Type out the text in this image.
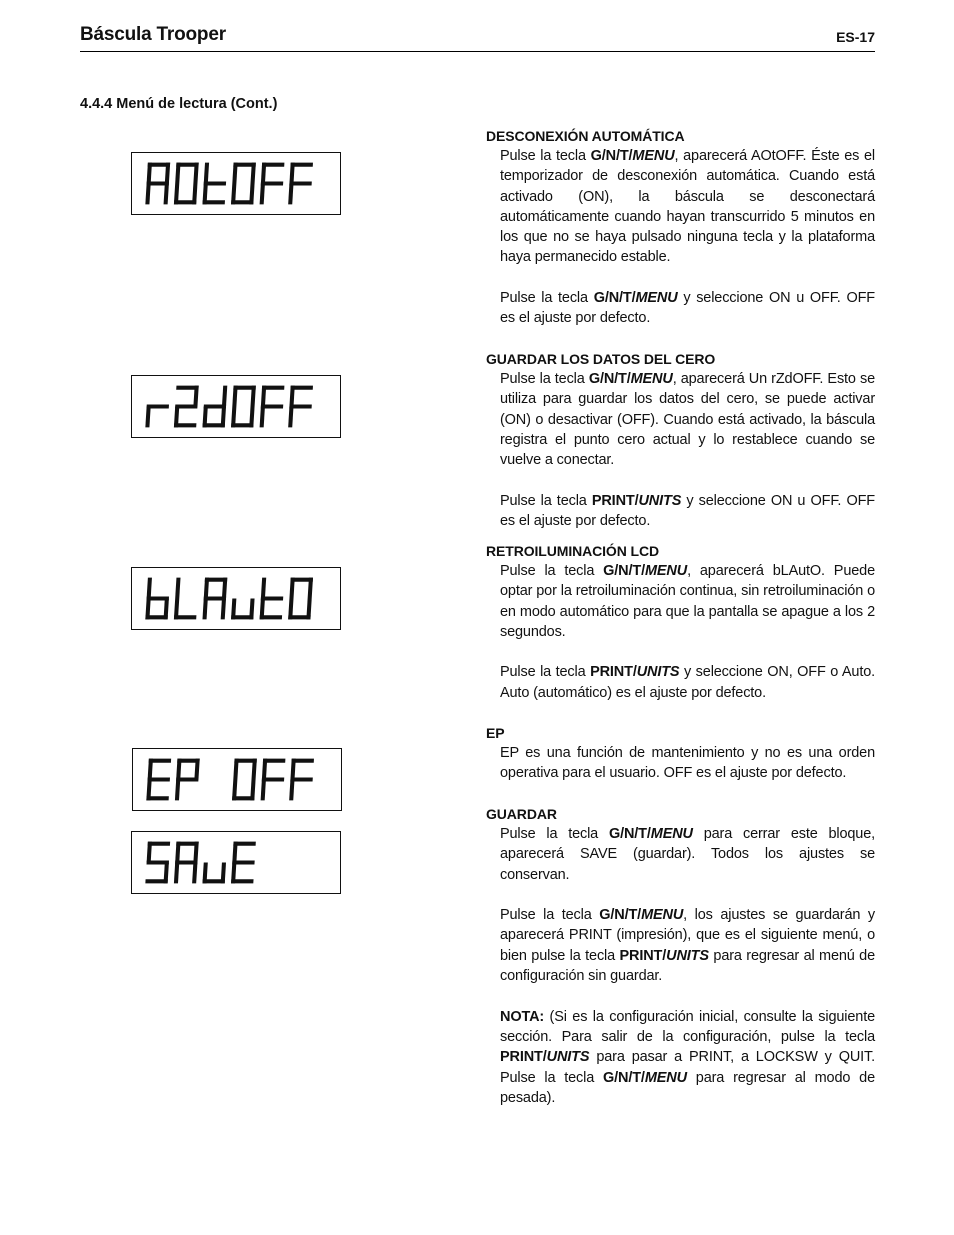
Báscula Trooper	ES-17
4.4.4 Menú de lectura (Cont.)
DESCONEXIÓN AUTOMÁTICA

Pulse la tecla G/N/T/MENU, aparecerá AOtOFF. Éste es el temporizador de desconexión automática. Cuando está activado (ON), la báscula se desconectará automáticamente cuando hayan transcurrido 5 minutos en los que no se haya pulsado ninguna tecla y la plataforma haya permanecido estable.

Pulse la tecla G/N/T/MENU y seleccione ON u OFF. OFF es el ajuste por defecto.

GUARDAR LOS DATOS DEL CERO

Pulse la tecla G/N/T/MENU, aparecerá Un rZdOFF. Esto se utiliza para guardar los datos del cero, se puede activar (ON) o desactivar (OFF). Cuando está activado, la báscula registra el punto cero actual y lo restablece cuando se vuelve a conectar.

Pulse la tecla PRINT/UNITS y seleccione ON u OFF. OFF es el ajuste por defecto.

RETROILUMINACIÓN LCD

Pulse la tecla G/N/T/MENU, aparecerá bLAutO. Puede optar por la retroiluminación continua, sin retroiluminación o en modo automático para que la pantalla se apague a los 2 segundos.

Pulse la tecla PRINT/UNITS y seleccione ON, OFF o Auto. Auto (automático) es el ajuste por defecto.

EP

EP es una función de mantenimiento y no es una orden operativa para el usuario. OFF es el ajuste por defecto.

GUARDAR

Pulse la tecla G/N/T/MENU para cerrar este bloque, aparecerá SAVE (guardar). Todos los ajustes se conservan.

Pulse la tecla G/N/T/MENU, los ajustes se guardarán y aparecerá PRINT (impresión), que es el siguiente menú, o bien pulse la tecla PRINT/UNITS para regresar al menú de configuración sin guardar.

NOTA: (Si es la configuración inicial, consulte la siguiente sección. Para salir de la configuración, pulse la tecla PRINT/UNITS para pasar a PRINT, a LOCKSW y QUIT. Pulse la tecla G/N/T/MENU para regresar al modo de pesada).
